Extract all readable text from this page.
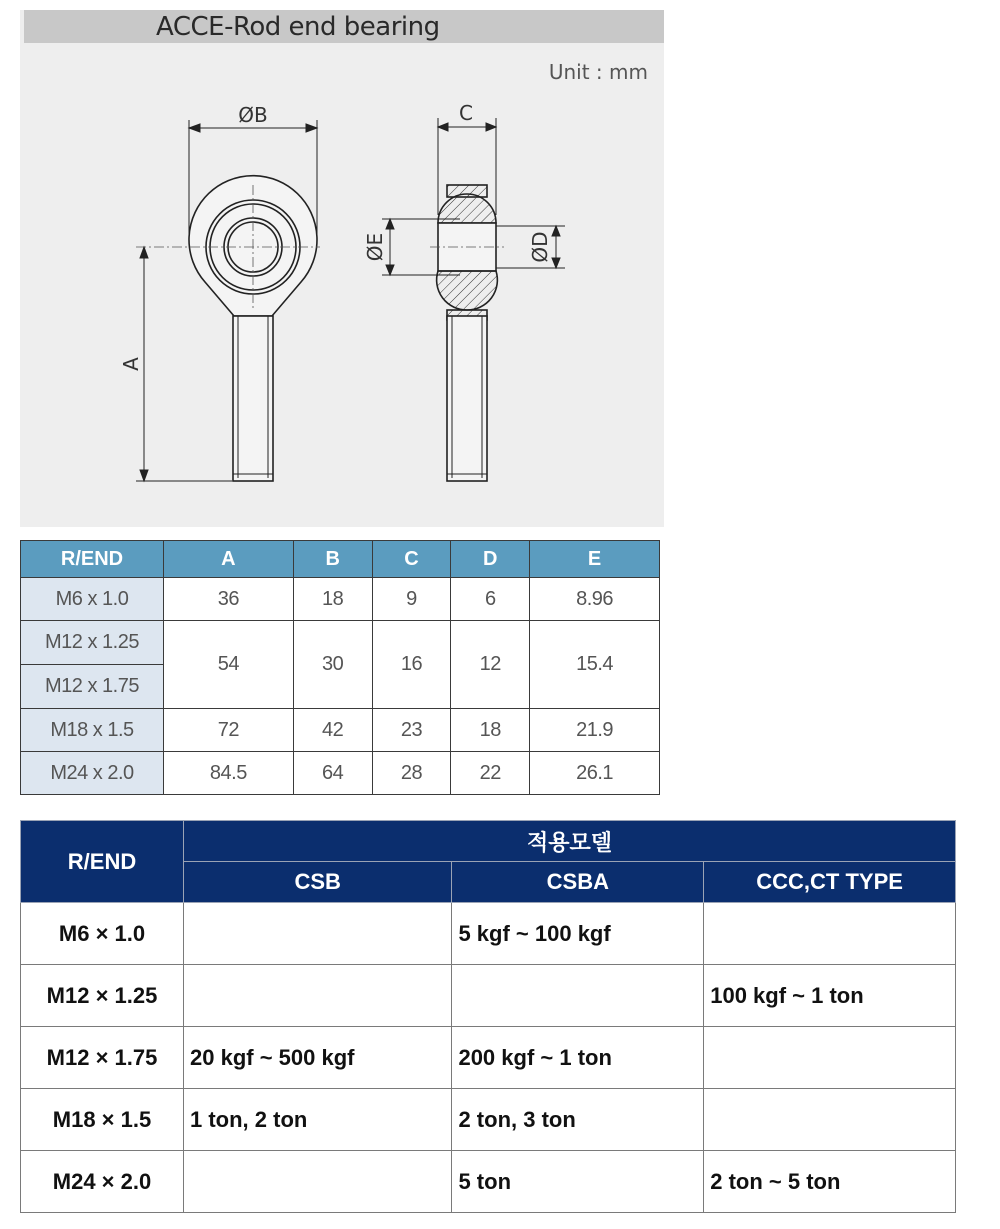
ACCE-Rod end bearing
Unit : mm
ØB
A
C
ØE	ØD
R/END	A	B	C	D	E
M6 x 1.0	36	18	9	6	8.96
M12 x 1.25	54	30	16	12	15.4
M12 x 1.75					
M18 x 1.5	72	42	23	18	21.9
M24 x 2.0	84.5	64	28	22	26.1
R/END	적용모델		
	CSB	CSBA	CCC,CT TYPE
M6 × 1.0		5 kgf ~ 100 kgf	
M12 × 1.25			100 kgf ~ 1 ton
M12 × 1.75	20 kgf ~ 500 kgf	200 kgf ~ 1 ton	
M18 × 1.5	1 ton, 2 ton	2 ton, 3 ton	
M24 × 2.0		5 ton	2 ton ~ 5 ton
